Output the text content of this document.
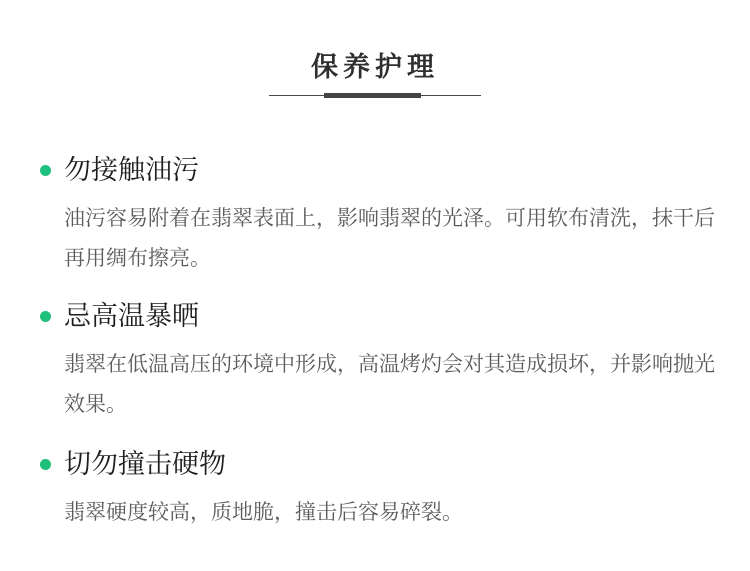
保养护理
勿接触油污
油污容易附着在翡翠表面上，影响翡翠的光泽。可用软布清洗，抹干后再用绸布擦亮。
忌高温暴晒
翡翠在低温高压的环境中形成，高温烤灼会对其造成损坏，并影响抛光效果。
切勿撞击硬物
翡翠硬度较高，质地脆，撞击后容易碎裂。
